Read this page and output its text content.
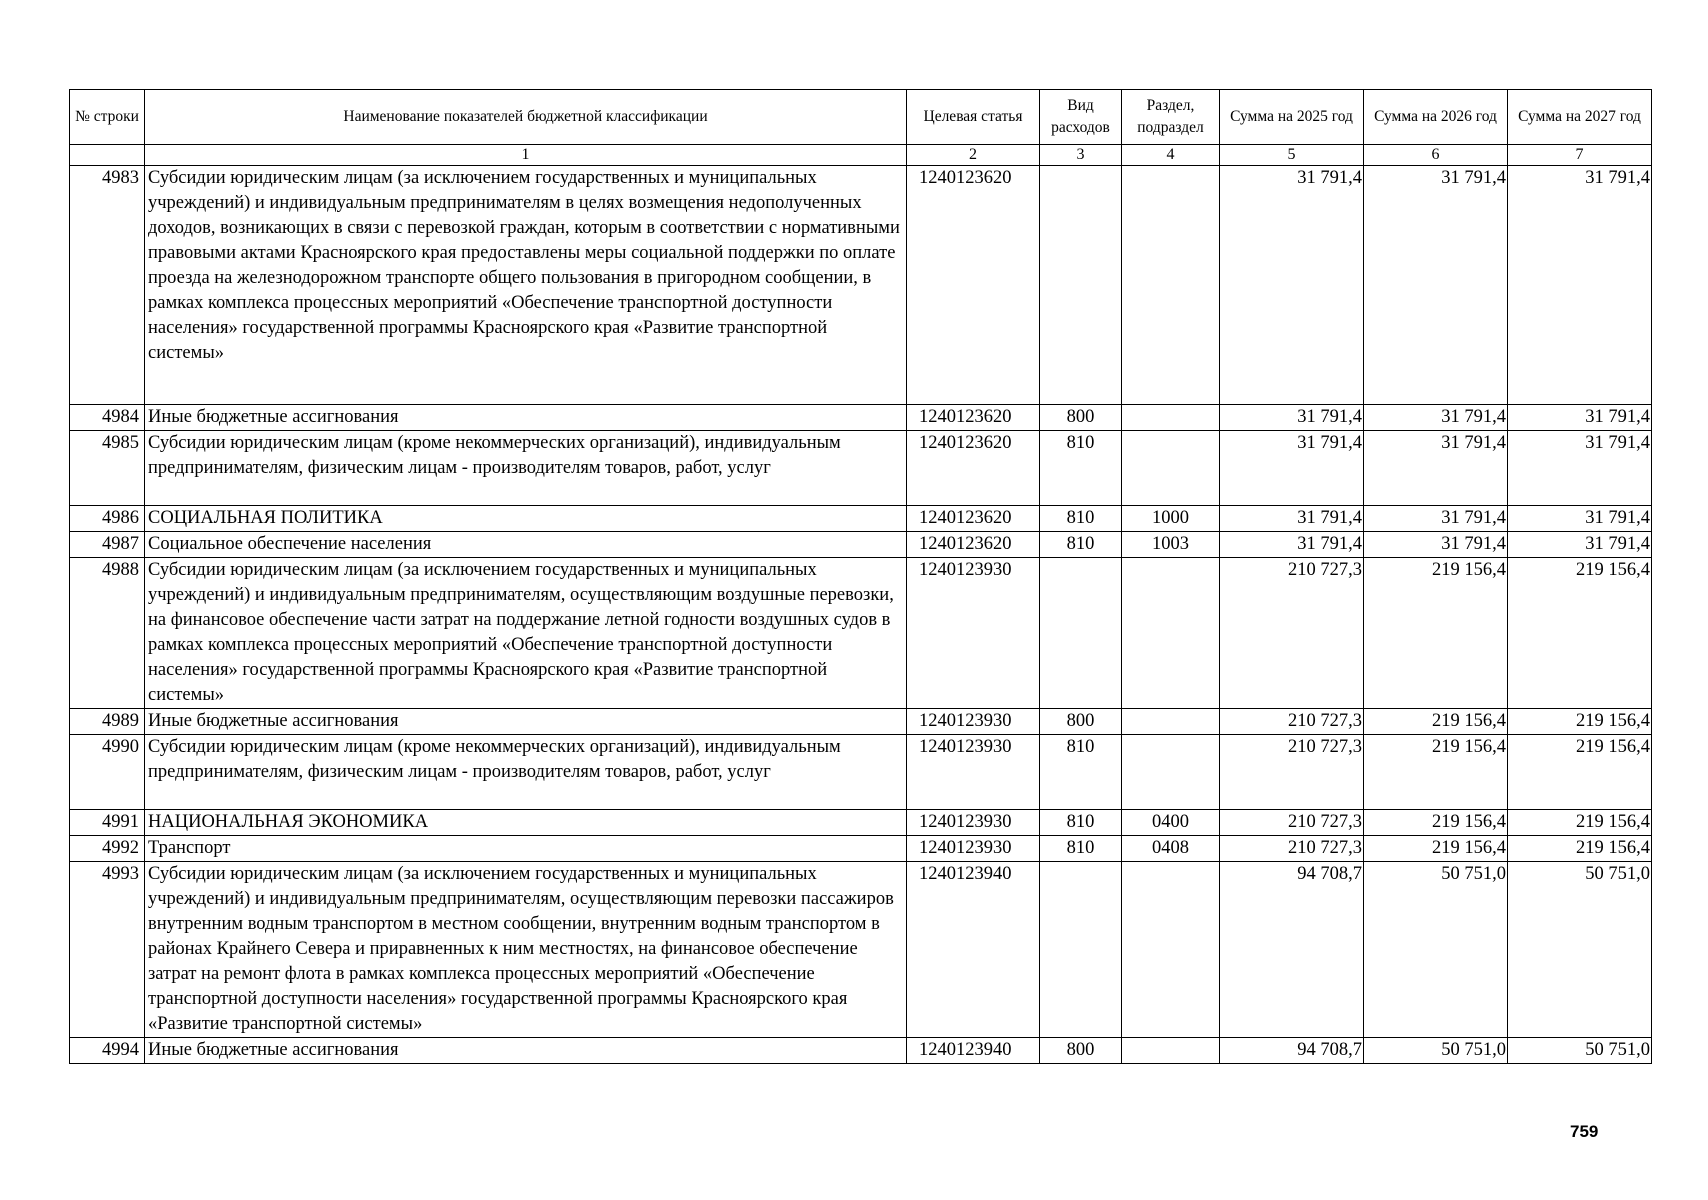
№ строки	Наименование показателей бюджетной классификации	Целевая статья	Вид расходов	Раздел, подраздел	Сумма на 2025 год	Сумма на 2026 год	Сумма на 2027 год
	1	2	3	4	5	6	7
4983	Субсидии юридическим лицам (за исключением государственных и муниципальных учреждений) и индивидуальным предпринимателям в целях возмещения недополученных доходов, возникающих в связи с перевозкой граждан, которым в соответствии с нормативными правовыми актами Красноярского края предоставлены меры социальной поддержки по оплате проезда на железнодорожном транспорте общего пользования в пригородном сообщении, в рамках комплекса процессных мероприятий «Обеспечение транспортной доступности населения» государственной программы Красноярского края «Развитие транспортной системы»	1240123620			31 791,4	31 791,4	31 791,4
4984	Иные бюджетные ассигнования	1240123620	800		31 791,4	31 791,4	31 791,4
4985	Субсидии юридическим лицам (кроме некоммерческих организаций), индивидуальным предпринимателям, физическим лицам - производителям товаров, работ, услуг	1240123620	810		31 791,4	31 791,4	31 791,4
4986	СОЦИАЛЬНАЯ ПОЛИТИКА	1240123620	810	1000	31 791,4	31 791,4	31 791,4
4987	Социальное обеспечение населения	1240123620	810	1003	31 791,4	31 791,4	31 791,4
4988	Субсидии юридическим лицам (за исключением государственных и муниципальных учреждений) и индивидуальным предпринимателям, осуществляющим воздушные перевозки, на финансовое обеспечение части затрат на поддержание летной годности воздушных судов в рамках комплекса процессных мероприятий «Обеспечение транспортной доступности населения» государственной программы Красноярского края «Развитие транспортной системы»	1240123930			210 727,3	219 156,4	219 156,4
4989	Иные бюджетные ассигнования	1240123930	800		210 727,3	219 156,4	219 156,4
4990	Субсидии юридическим лицам (кроме некоммерческих организаций), индивидуальным предпринимателям, физическим лицам - производителям товаров, работ, услуг	1240123930	810		210 727,3	219 156,4	219 156,4
4991	НАЦИОНАЛЬНАЯ ЭКОНОМИКА	1240123930	810	0400	210 727,3	219 156,4	219 156,4
4992	Транспорт	1240123930	810	0408	210 727,3	219 156,4	219 156,4
4993	Субсидии юридическим лицам (за исключением государственных и муниципальных учреждений) и индивидуальным предпринимателям, осуществляющим перевозки пассажиров внутренним водным транспортом в местном сообщении, внутренним водным транспортом в районах Крайнего Севера и приравненных к ним местностях, на финансовое обеспечение затрат на ремонт флота в рамках комплекса процессных мероприятий «Обеспечение транспортной доступности населения» государственной программы Красноярского края «Развитие транспортной системы»	1240123940			94 708,7	50 751,0	50 751,0
4994	Иные бюджетные ассигнования	1240123940	800		94 708,7	50 751,0	50 751,0
759
